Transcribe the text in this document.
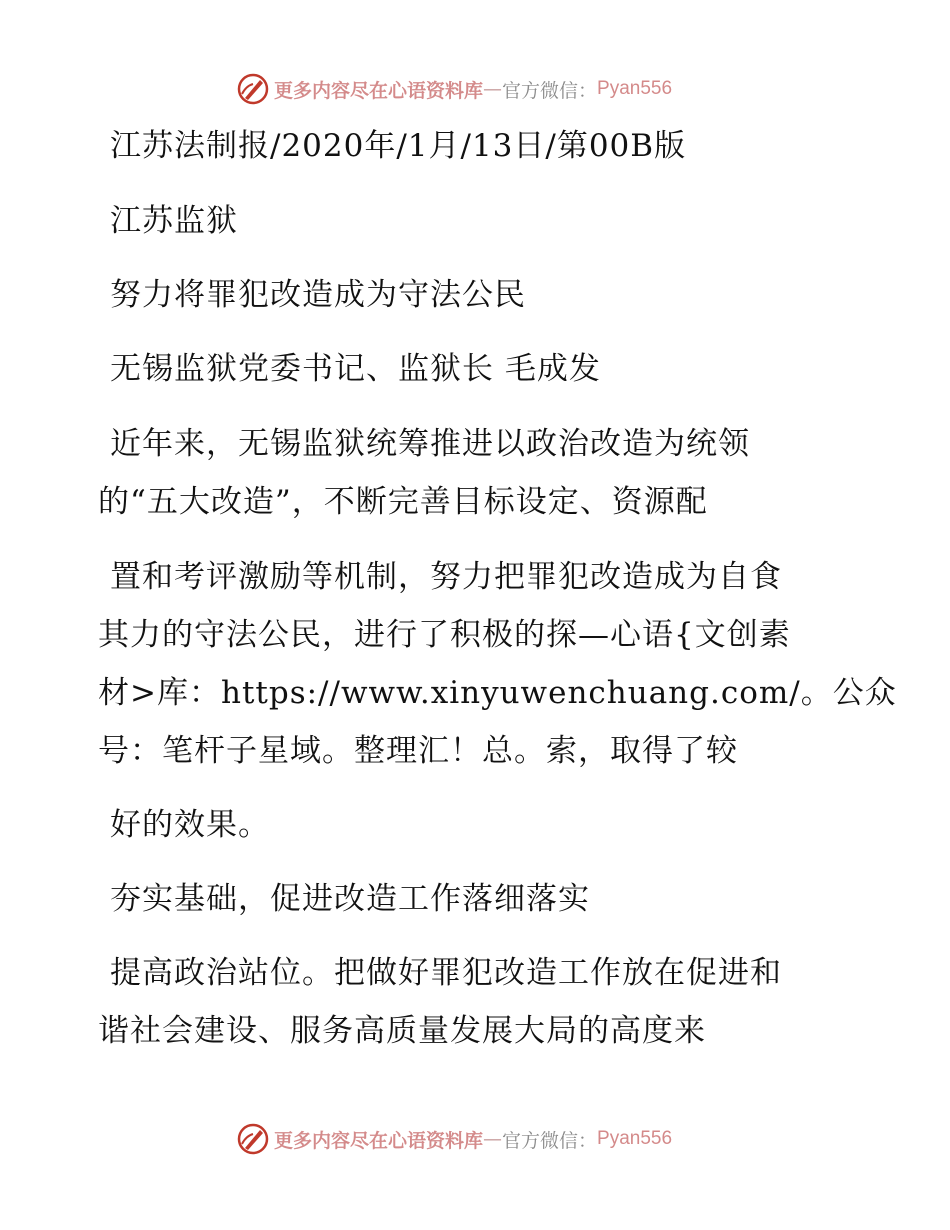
更多内容尽在心语资料库 — 官方微信： Pyan556
江苏法制报/2020年/1月/13日/第00B版
江苏监狱
努力将罪犯改造成为守法公民
无锡监狱党委书记、监狱长 毛成发
近年来，无锡监狱统筹推进以政治改造为统领
的“五大改造”，不断完善目标设定、资源配
置和考评激励等机制，努力把罪犯改造成为自食
其力的守法公民，进行了积极的探—心语{文创素
材>库：https://www.xinyuwenchuang.com/。公众
号：笔杆子星域。整理汇！总。索，取得了较
好的效果。
夯实基础，促进改造工作落细落实
提高政治站位。把做好罪犯改造工作放在促进和
谐社会建设、服务高质量发展大局的高度来
更多内容尽在心语资料库 — 官方微信： Pyan556
